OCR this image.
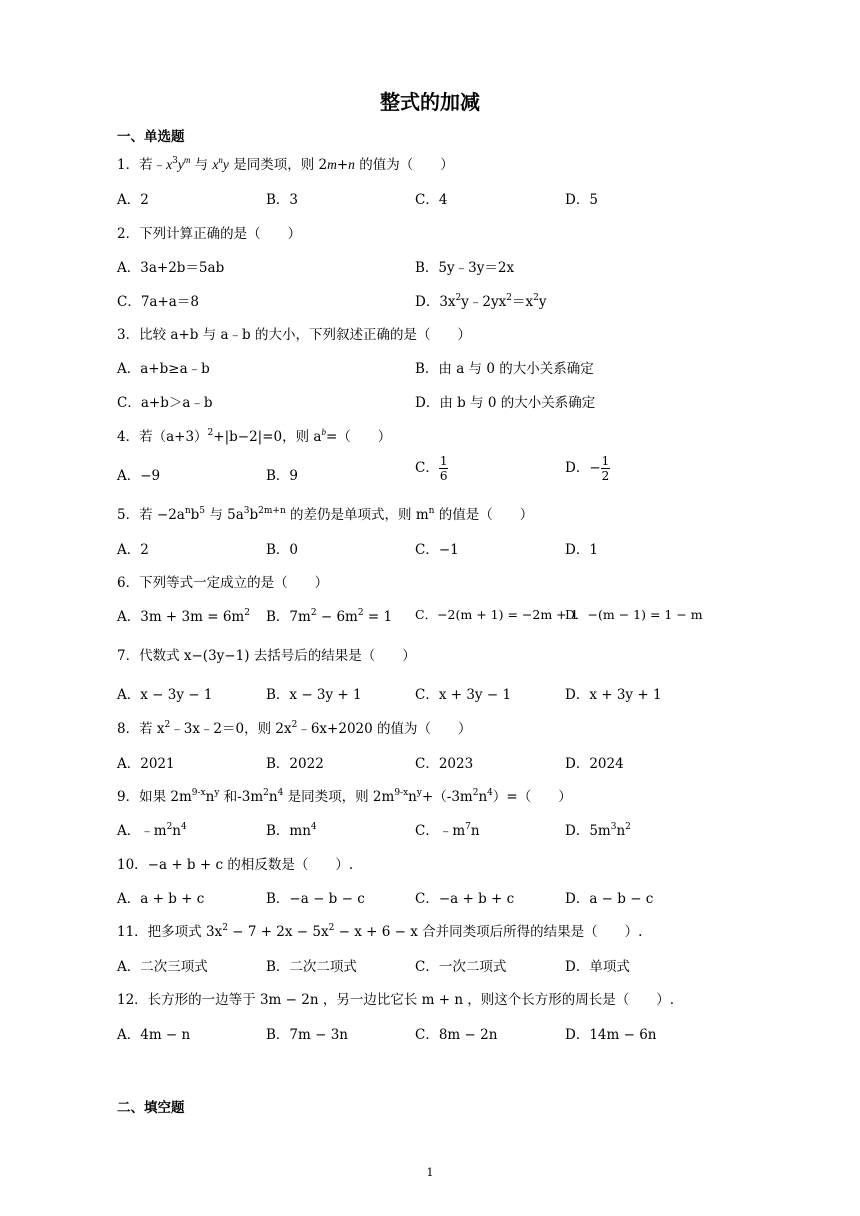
整式的加减
一、单选题
1．若$﹣x^3y^m$ 与 $x^ny$ 是同类项，则 2m+n 的值为（　　）
A．2	B．3	C．4	D．5
2．下列计算正确的是（　　）
A．3a+2b＝5ab	B．5y﹣3y＝2x
C．7a+a＝8	D．$3x^2y﹣2yx^2=x^2y$
3．比较 a+b 与 a﹣b 的大小，下列叙述正确的是（　　）
A．a+b≥a﹣b	B．由 a 与 0 的大小关系确定
C．a+b＞a﹣b	D．由 b 与 0 的大小关系确定
4．若$(a+3)^2+|b-2|=0$，则 $a^b=$（　　）
A．−9	B．9	C． $\frac{1}{6}$	D．− $\frac{1}{2}$
5．若 $-2a^nb^5$ 与 $5a^3b^{2m+n}$ 的差仍是单项式，则 $m^n$ 的值是（　　）
A．2	B．0	C．−1	D．1
6．下列等式一定成立的是（　　）
A．$3m + 3m = 6m^2$ B．$7m^2 - 6m^2 = 1$ C．−2(m + 1) = −2m + 1
D．−(m − 1) = 1 − m
7．代数式 x−(3y−1) 去括号后的结果是（　　）
A．x − 3y − 1	B．x − 3y + 1	C．x + 3y − 1	D．x + 3y + 1
8．若 $x^2﹣3x﹣2=0$，则 $2x^2﹣6x+2020$ 的值为（　　）
A．2021	B．2022	C．2023	D．2024
9．如果 $2m^{9-x}n^y$ 和$-3m^2n^4$ 是同类项，则 $2m^{9-x}n^y+(-3m^2n^4)=$（　　）
A．$﹣m^2n^4$	B．$mn^4$	C．$﹣m^7n$	D．$5m^3n^2$
10．−a + b + c 的相反数是（　　）.
A．a + b + c	B．−a − b − c	C．−a + b + c	D．a − b − c
11．把多项式 $3x^2 - 7 + 2x - 5x^2 - x + 6 - x$ 合并同类项后所得的结果是（　　）.
A．二次三项式	B．二次二项式	C．一次二项式	D．单项式
12．长方形的一边等于 3m − 2n ，另一边比它长 m + n ，则这个长方形的周长是（　　）.
A．4m − n	B．7m − 3n	C．8m − 2n	D．14m − 6n
二、填空题
1
